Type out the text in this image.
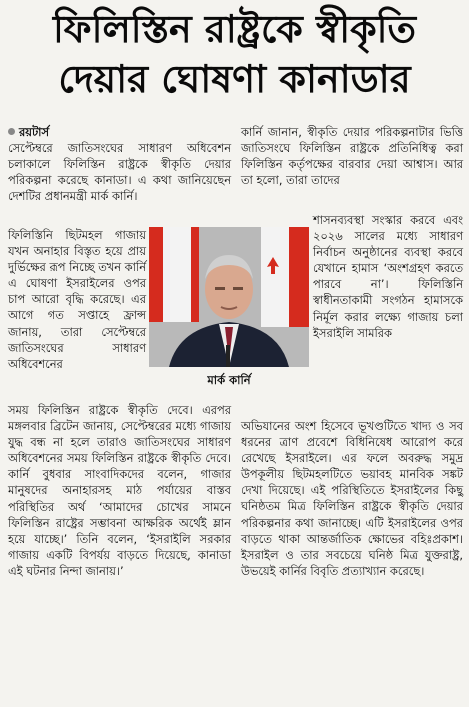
ফিলিস্তিন রাষ্ট্রকে স্বীকৃতি
দেয়ার ঘোষণা কানাডার

রয়টার্স

সেপ্টেম্বরে জাতিসংঘের সাধারণ অধিবেশন চলাকালে ফিলিস্তিন রাষ্ট্রকে স্বীকৃতি দেয়ার পরিকল্পনা করেছে কানাডা। এ কথা জানিয়েছেন দেশটির প্রধানমন্ত্রী মার্ক কার্নি।

ফিলিস্তিনি ছিটমহল গাজায় যখন অনাহার বিস্তৃত হয়ে প্রায় দুর্ভিক্ষের রূপ নিচ্ছে তখন কার্নি এ ঘোষণা ইসরাইলের ওপর চাপ আরো বৃদ্ধি করেছে। এর আগে গত সপ্তাহে ফ্রান্স জানায়, তারা সেপ্টেম্বরে জাতিসংঘের সাধারণ অধিবেশনের
মার্ক কার্নি
সময় ফিলিস্তিন রাষ্ট্রকে স্বীকৃতি দেবে। এরপর মঙ্গলবার ব্রিটেন জানায়, সেপ্টেম্বরের মধ্যে গাজায় যুদ্ধ বন্ধ না হলে তারাও জাতিসংঘের সাধারণ অধিবেশনের সময় ফিলিস্তিন রাষ্ট্রকে স্বীকৃতি দেবে। কার্নি বুধবার সাংবাদিকদের বলেন, গাজার মানুষদের অনাহারসহ মাঠ পর্যায়ের বাস্তব পরিস্থিতির অর্থ ‘আমাদের চোখের সামনে ফিলিস্তিন রাষ্ট্রের সম্ভাবনা আক্ষরিক অর্থেই ম্লান হয়ে যাচ্ছে।’ তিনি বলেন, ‘ইসরাইলি সরকার গাজায় একটি বিপর্যয় বাড়তে দিয়েছে, কানাডা এই ঘটনার নিন্দা জানায়।’
কার্নি জানান, স্বীকৃতি দেয়ার পরিকল্পনাটার ভিত্তি জাতিসংঘে ফিলিস্তিন রাষ্ট্রকে প্রতিনিধিত্ব করা ফিলিস্তিন কর্তৃপক্ষের বারবার দেয়া আশ্বাস। আর তা হলো, তারা তাদের
শাসনব্যবস্থা সংস্কার করবে এবং ২০২৬ সালের মধ্যে সাধারণ নির্বাচন অনুষ্ঠানের ব্যবস্থা করবে যেখানে হামাস ‘অংশগ্রহণ করতে পারবে না’। ফিলিস্তিনি স্বাধীনতাকামী সংগঠন হামাসকে নির্মূল করার লক্ষ্যে গাজায় চলা ইসরাইলি সামরিক
অভিযানের অংশ হিসেবে ভূখণ্ডটিতে খাদ্য ও সব ধরনের ত্রাণ প্রবেশে বিধিনিষেধ আরোপ করে রেখেছে ইসরাইলে। এর ফলে অবরুদ্ধ সমুদ্র উপকূলীয় ছিটমহলটিতে ভয়াবহ মানবিক সঙ্কট দেখা দিয়েছে। এই পরিস্থিতিতে ইসরাইলের কিছু ঘনিষ্ঠতম মিত্র ফিলিস্তিন রাষ্ট্রকে স্বীকৃতি দেয়ার পরিকল্পনার কথা জানাচ্ছে। এটি ইসরাইলের ওপর বাড়তে থাকা আন্তর্জাতিক ক্ষোভের বহিঃপ্রকাশ। ইসরাইল ও তার সবচেয়ে ঘনিষ্ঠ মিত্র যুক্তরাষ্ট্র, উভয়েই কার্নির বিবৃতি প্রত্যাখ্যান করেছে।
